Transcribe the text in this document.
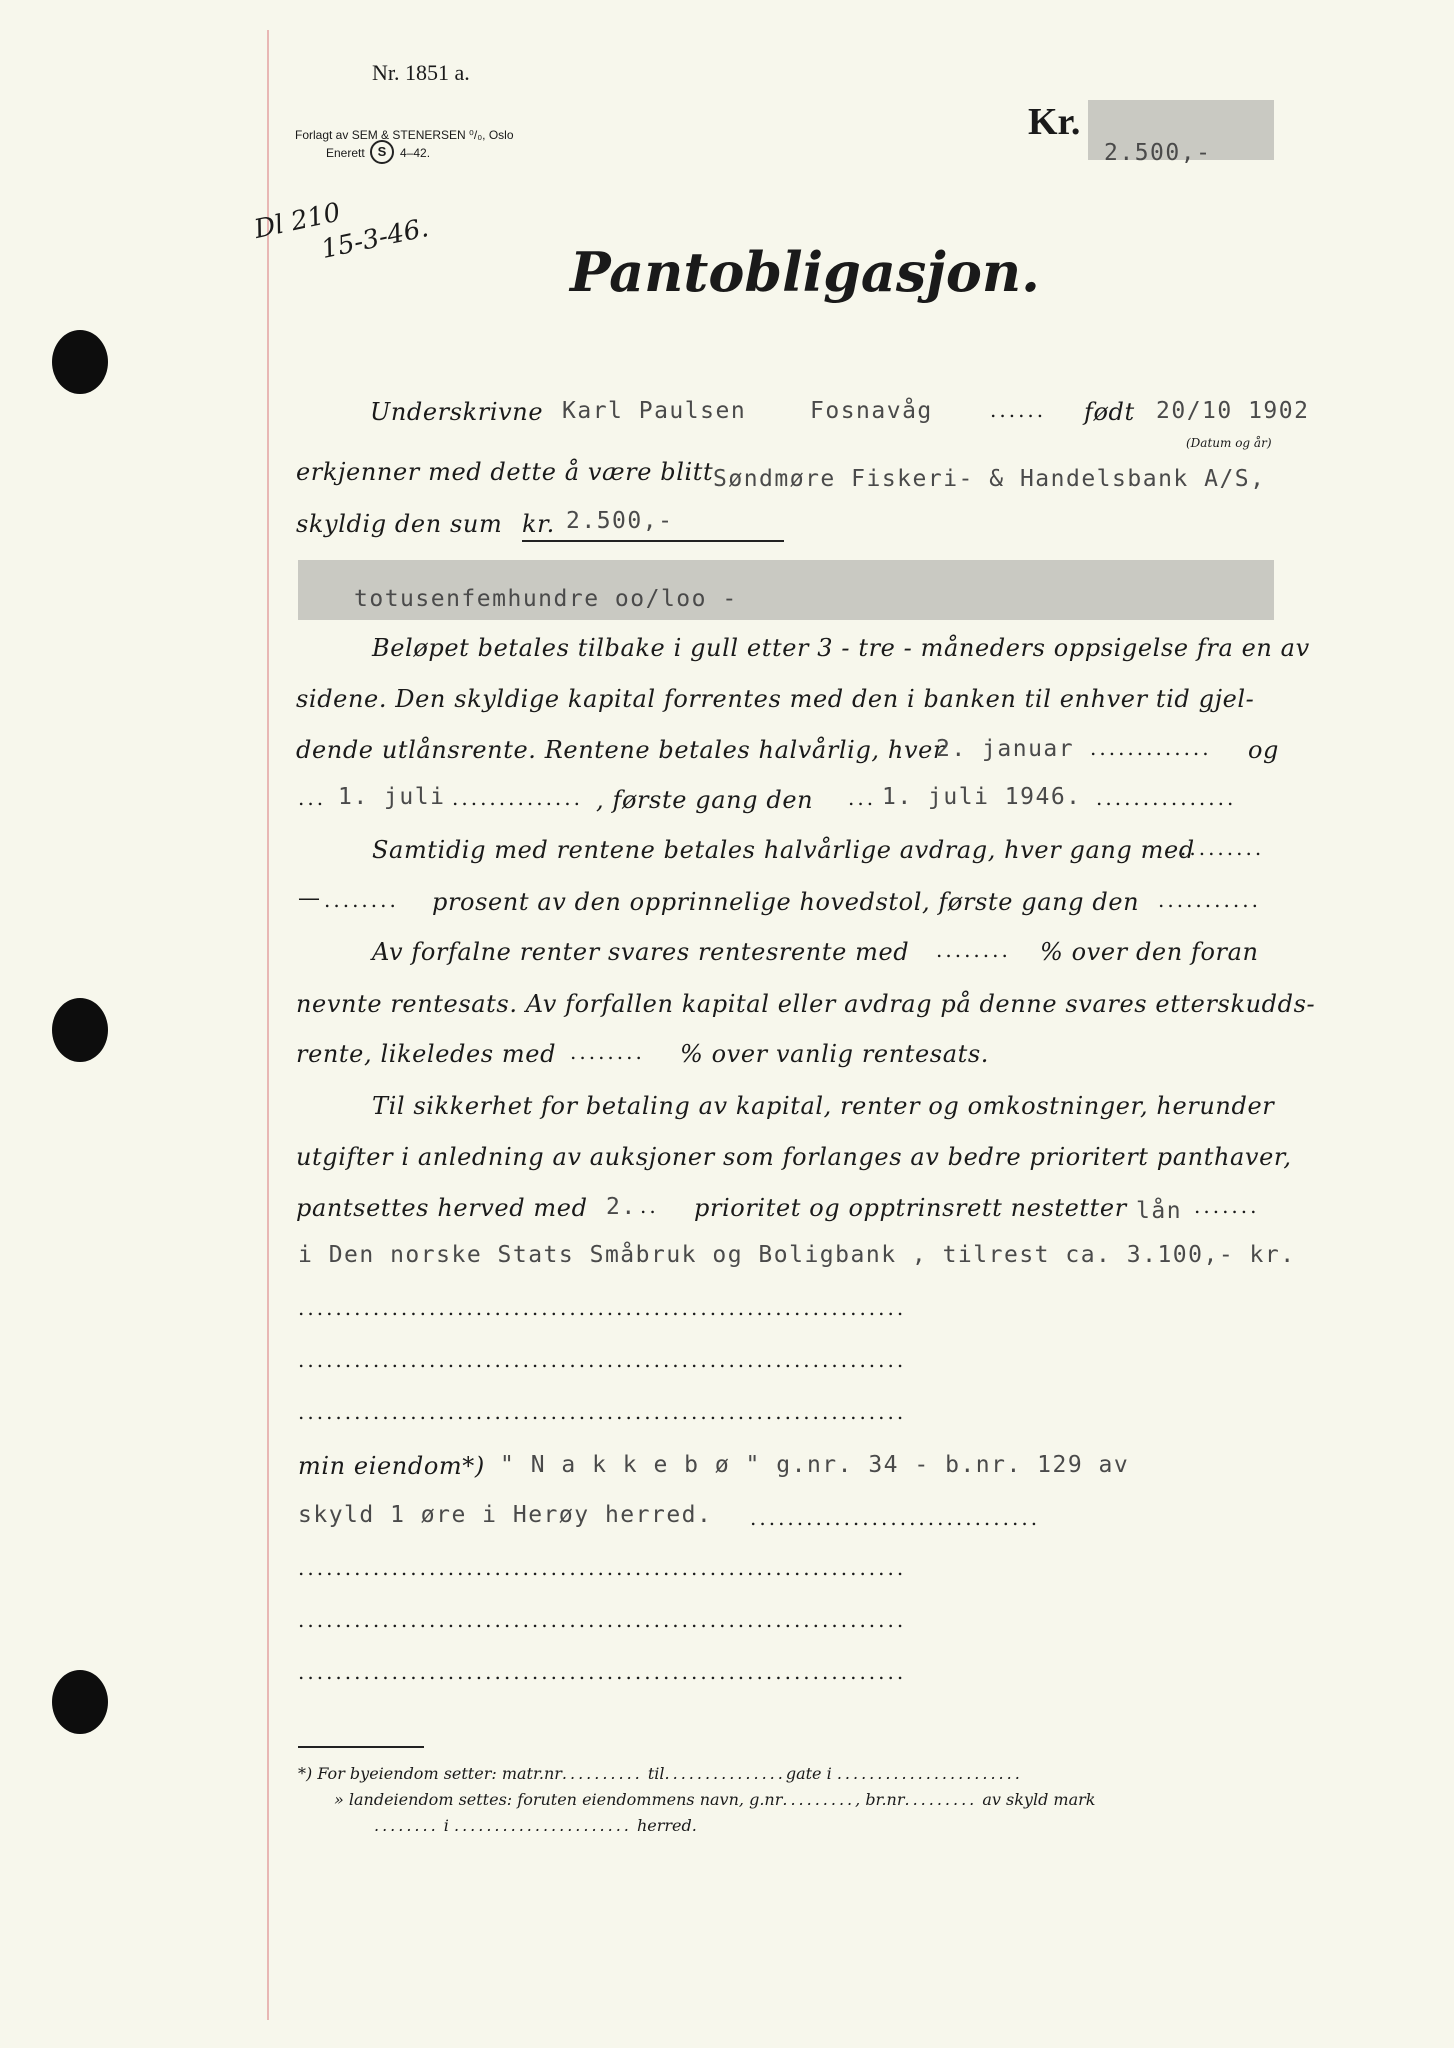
Nr. 1851 a.
Forlagt av SEM & STENERSEN ⁰/₀, Oslo
Enerett S	4–42.
Kr.
2.500,-
Dl 210
15-3-46.
Pantobligasjon.
Underskrivne Karl Paulsen	Fosnavåg	...... født 20/10 1902
(Datum og år)
erkjenner med dette å være blitt Søndmøre Fiskeri- & Handelsbank A/S,
skyldig den sum kr. 2.500,-
totusenfemhundre oo/loo -
Beløpet betales tilbake i gull etter 3 - tre - måneders oppsigelse fra en av
sidene. Den skyldige kapital forrentes med den i banken til enhver tid gjel-
dende utlånsrente. Rentene betales halvårlig, hver
2. januar ............. og
... 1. juli .............. , første gang den ... 1. juli 1946. ...............
Samtidig med rentene betales halvårlige avdrag, hver gang med
.........
— ........ prosent av den opprinnelige hovedstol, første gang den ...........
Av forfalne renter svares rentesrente med ........ % over den foran
nevnte rentesats. Av forfallen kapital eller avdrag på denne svares etterskudds-
rente, likeledes med ........ % over vanlig rentesats.
Til sikkerhet for betaling av kapital, renter og omkostninger, herunder
utgifter i anledning av auksjoner som forlanges av bedre prioritert panthaver,
pantsettes herved med 2. .. prioritet og opptrinsrett nestetter lån .......
i Den norske Stats Småbruk og Boligbank , tilrest ca. 3.100,- kr.
.................................................................
.................................................................
.................................................................
min eiendom*) " N a k k e b ø " g.nr. 34 - b.nr. 129 av
skyld 1 øre i Herøy herred. ...............................
.................................................................
.................................................................
.................................................................
*) For byeiendom setter: matr.nr.......... til...............gate i .......................
» landeiendom settes: foruten eiendommens navn, g.nr........., br.nr......... av skyld mark
........ i ...................... herred.
